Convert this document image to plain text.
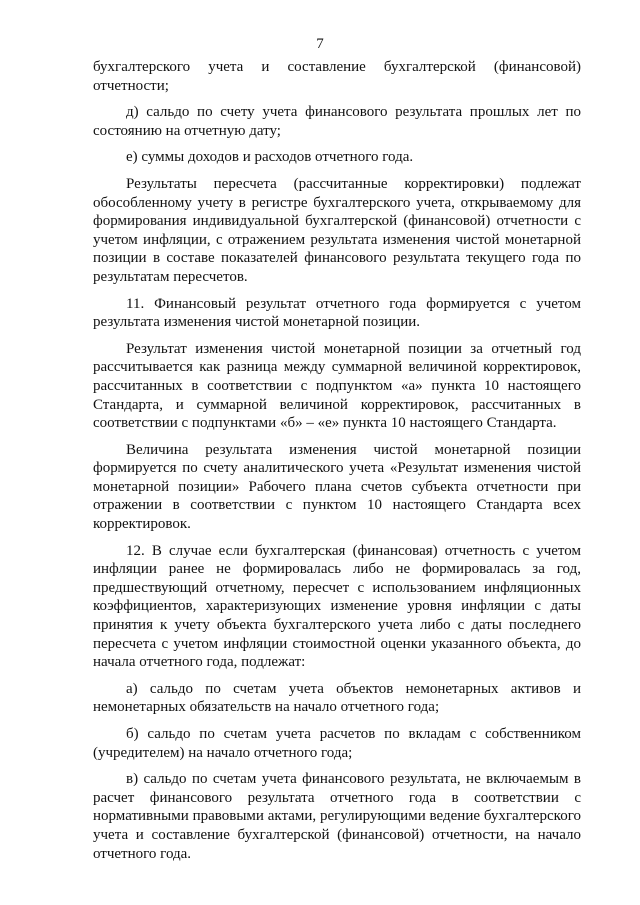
7

бухгалтерского учета и составление бухгалтерской (финансовой) отчетности;

д) сальдо по счету учета финансового результата прошлых лет по состоянию на отчетную дату;

е) суммы доходов и расходов отчетного года.

Результаты пересчета (рассчитанные корректировки) подлежат обособленному учету в регистре бухгалтерского учета, открываемому для формирования индивидуальной бухгалтерской (финансовой) отчетности с учетом инфляции, с отражением результата изменения чистой монетарной позиции в составе показателей финансового результата текущего года по результатам пересчетов.

11. Финансовый результат отчетного года формируется с учетом результата изменения чистой монетарной позиции.

Результат изменения чистой монетарной позиции за отчетный год рассчитывается как разница между суммарной величиной корректировок, рассчитанных в соответствии с подпунктом «а» пункта 10 настоящего Стандарта, и суммарной величиной корректировок, рассчитанных в соответствии с подпунктами «б» – «е» пункта 10 настоящего Стандарта.

Величина результата изменения чистой монетарной позиции формируется по счету аналитического учета «Результат изменения чистой монетарной позиции» Рабочего плана счетов субъекта отчетности при отражении в соответствии с пунктом 10 настоящего Стандарта всех корректировок.

12. В случае если бухгалтерская (финансовая) отчетность с учетом инфляции ранее не формировалась либо не формировалась за год, предшествующий отчетному, пересчет с использованием инфляционных коэффициентов, характеризующих изменение уровня инфляции с даты принятия к учету объекта бухгалтерского учета либо с даты последнего пересчета с учетом инфляции стоимостной оценки указанного объекта, до начала отчетного года, подлежат:

а) сальдо по счетам учета объектов немонетарных активов и немонетарных обязательств на начало отчетного года;

б) сальдо по счетам учета расчетов по вкладам с собственником (учредителем) на начало отчетного года;

в) сальдо по счетам учета финансового результата, не включаемым в расчет финансового результата отчетного года в соответствии с нормативными правовыми актами, регулирующими ведение бухгалтерского учета и составление бухгалтерской (финансовой) отчетности, на начало отчетного года.
